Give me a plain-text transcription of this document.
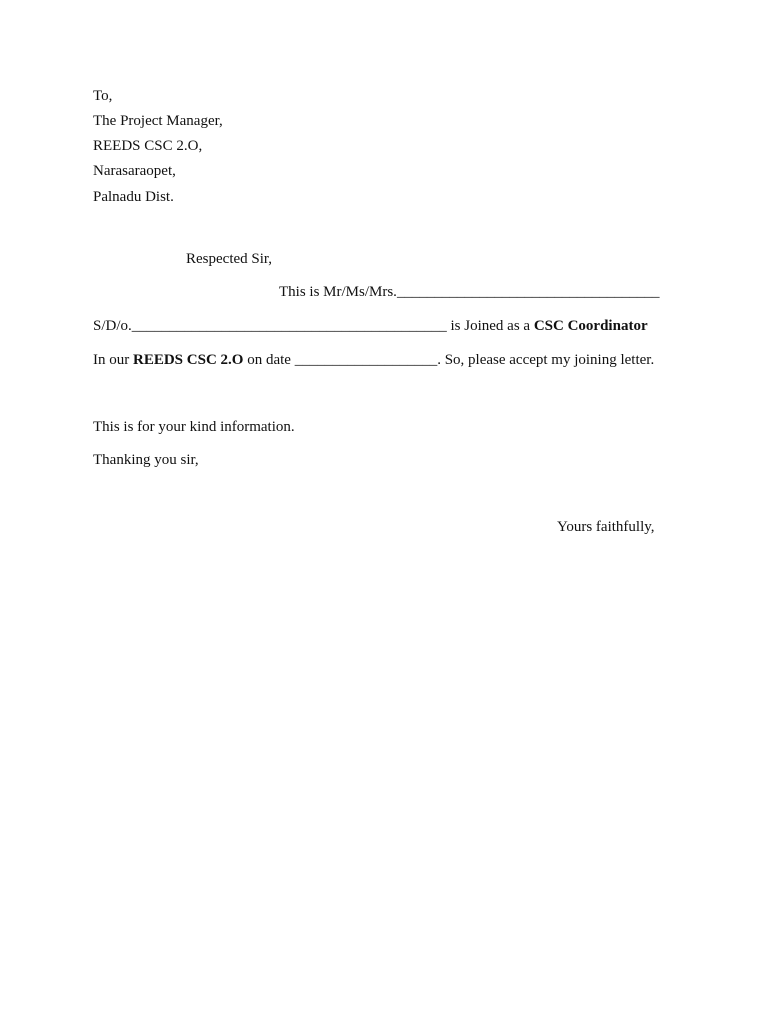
To,
The Project Manager,
REEDS CSC 2.O,
Narasaraopet,
Palnadu Dist.
Respected Sir,
This is Mr/Ms/Mrs.___________________________________
S/D/o.__________________________________________ is Joined as a CSC Coordinator
In our REEDS CSC 2.O on date ___________________. So, please accept my joining letter.
This is for your kind information.
Thanking you sir,
Yours faithfully,
